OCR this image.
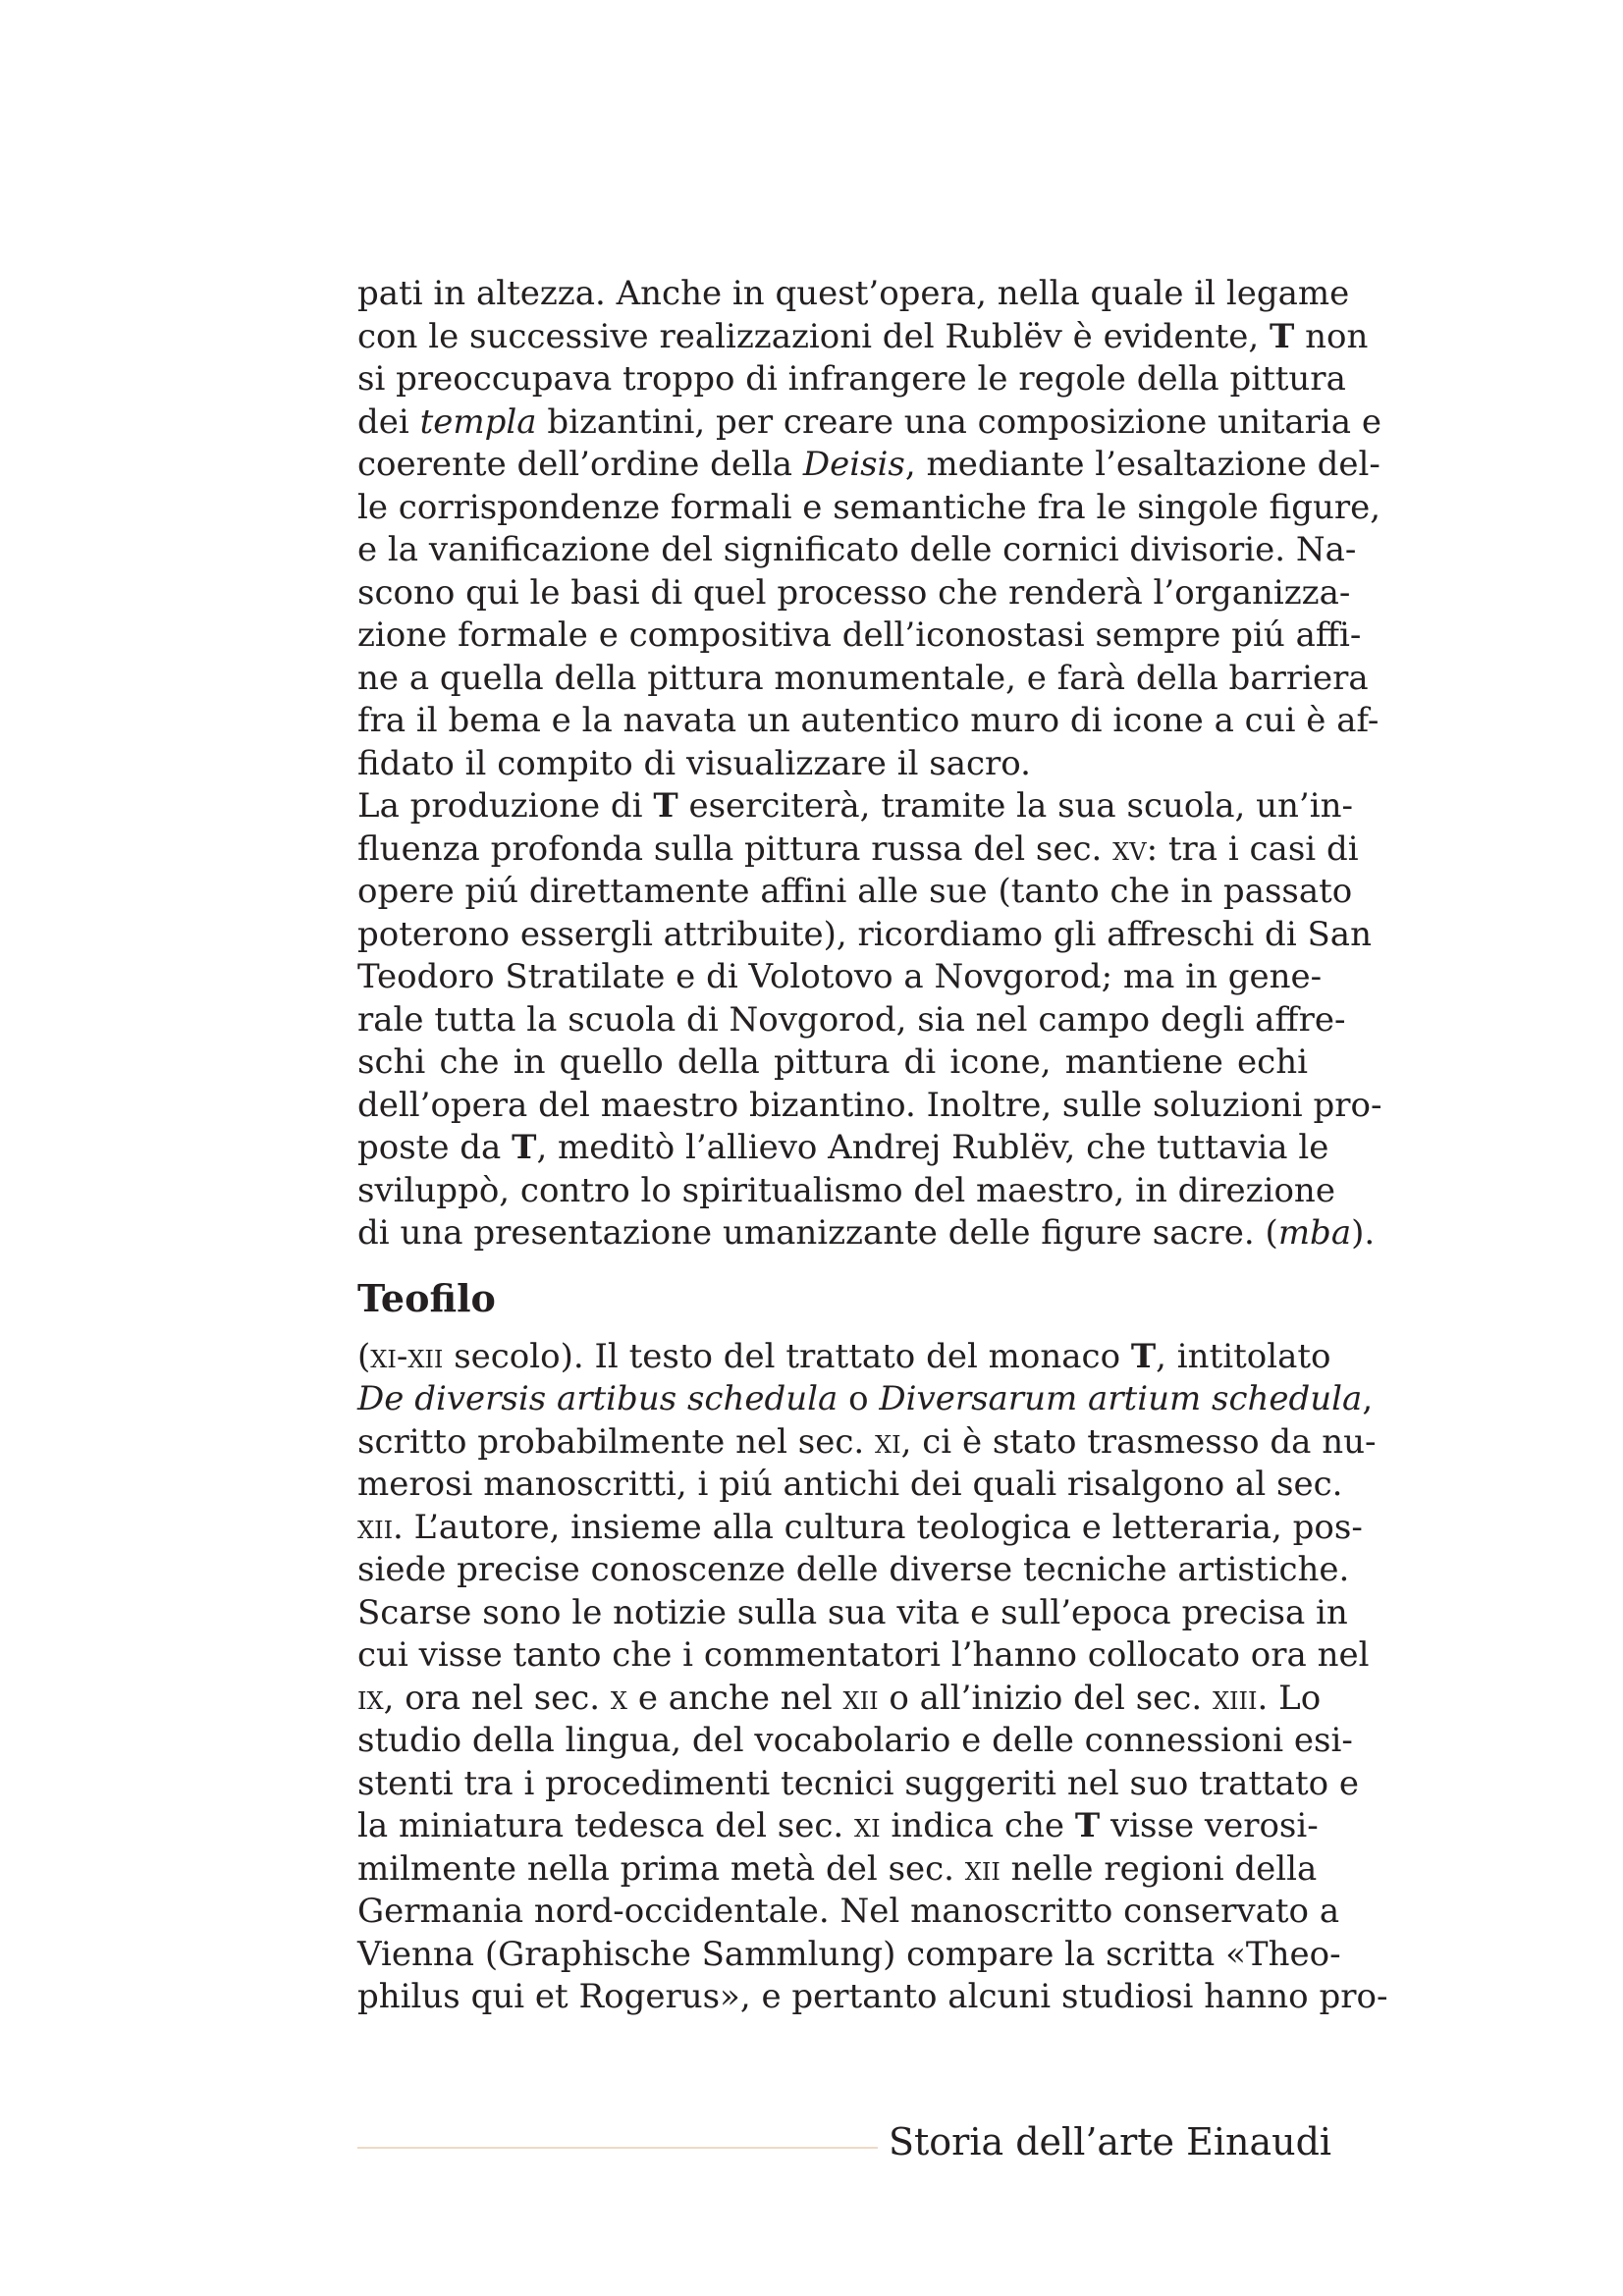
pati in altezza. Anche in quest’opera, nella quale il legame
con le successive realizzazioni del Rublëv è evidente, T non
si preoccupava troppo di infrangere le regole della pittura
dei templa bizantini, per creare una composizione unitaria e
coerente dell’ordine della Deisis, mediante l’esaltazione del-
le corrispondenze formali e semantiche fra le singole figure,
e la vanificazione del significato delle cornici divisorie. Na-
scono qui le basi di quel processo che renderà l’organizza-
zione formale e compositiva dell’iconostasi sempre piú affi-
ne a quella della pittura monumentale, e farà della barriera
fra il bema e la navata un autentico muro di icone a cui è af-
fidato il compito di visualizzare il sacro.

La produzione di T eserciterà, tramite la sua scuola, un’in-
fluenza profonda sulla pittura russa del sec. xv: tra i casi di
opere piú direttamente affini alle sue (tanto che in passato
poterono essergli attribuite), ricordiamo gli affreschi di San
Teodoro Stratilate e di Volotovo a Novgorod; ma in gene-
rale tutta la scuola di Novgorod, sia nel campo degli affre-
schi che in quello della pittura di icone, mantiene echi
dell’opera del maestro bizantino. Inoltre, sulle soluzioni pro-
poste da T, meditò l’allievo Andrej Rublëv, che tuttavia le
sviluppò, contro lo spiritualismo del maestro, in direzione
di una presentazione umanizzante delle figure sacre. (mba).

Teofilo

(xi-xii secolo). Il testo del trattato del monaco T, intitolato
De diversis artibus schedula o Diversarum artium schedula,
scritto probabilmente nel sec. xi, ci è stato trasmesso da nu-
merosi manoscritti, i piú antichi dei quali risalgono al sec.
xii. L’autore, insieme alla cultura teologica e letteraria, pos-
siede precise conoscenze delle diverse tecniche artistiche.
Scarse sono le notizie sulla sua vita e sull’epoca precisa in
cui visse tanto che i commentatori l’hanno collocato ora nel
ix, ora nel sec. x e anche nel xii o all’inizio del sec. xiii. Lo
studio della lingua, del vocabolario e delle connessioni esi-
stenti tra i procedimenti tecnici suggeriti nel suo trattato e
la miniatura tedesca del sec. xi indica che T visse verosi-
milmente nella prima metà del sec. xii nelle regioni della
Germania nord-occidentale. Nel manoscritto conservato a
Vienna (Graphische Sammlung) compare la scritta «Theo-
philus qui et Rogerus», e pertanto alcuni studiosi hanno pro-

Storia dell’arte Einaudi
